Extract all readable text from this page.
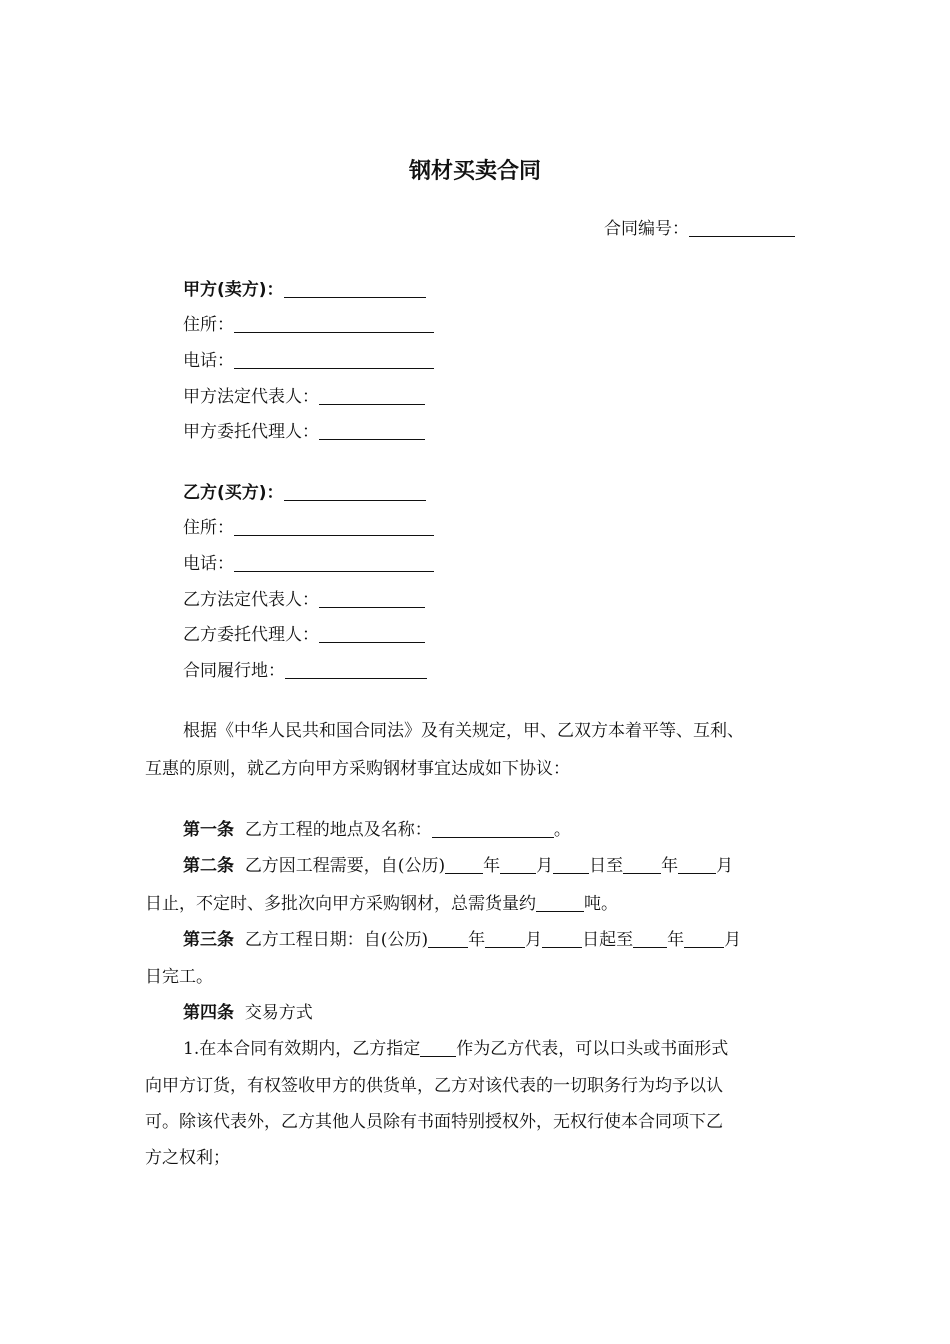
钢材买卖合同
合同编号：
甲方(卖方)：
住所：
电话：
甲方法定代表人：
甲方委托代理人：
乙方(买方)：
住所：
电话：
乙方法定代表人：
乙方委托代理人：
合同履行地：
根据《中华人民共和国合同法》及有关规定，甲、乙双方本着平等、互利、
互惠的原则，就乙方向甲方采购钢材事宜达成如下协议：
第一条 乙方工程的地点及名称：	。
第二条 乙方因工程需要，自(公历) 年 月 日至 年 月
日止，不定时、多批次向甲方采购钢材，总需货量约	吨。
第三条 乙方工程日期：自(公历) 年 月 日起至 年 月
日完工。
第四条 交易方式
1.在本合同有效期内，乙方指定 作为乙方代表，可以口头或书面形式
向甲方订货，有权签收甲方的供货单，乙方对该代表的一切职务行为均予以认
可。除该代表外，乙方其他人员除有书面特别授权外，无权行使本合同项下乙
方之权利；
